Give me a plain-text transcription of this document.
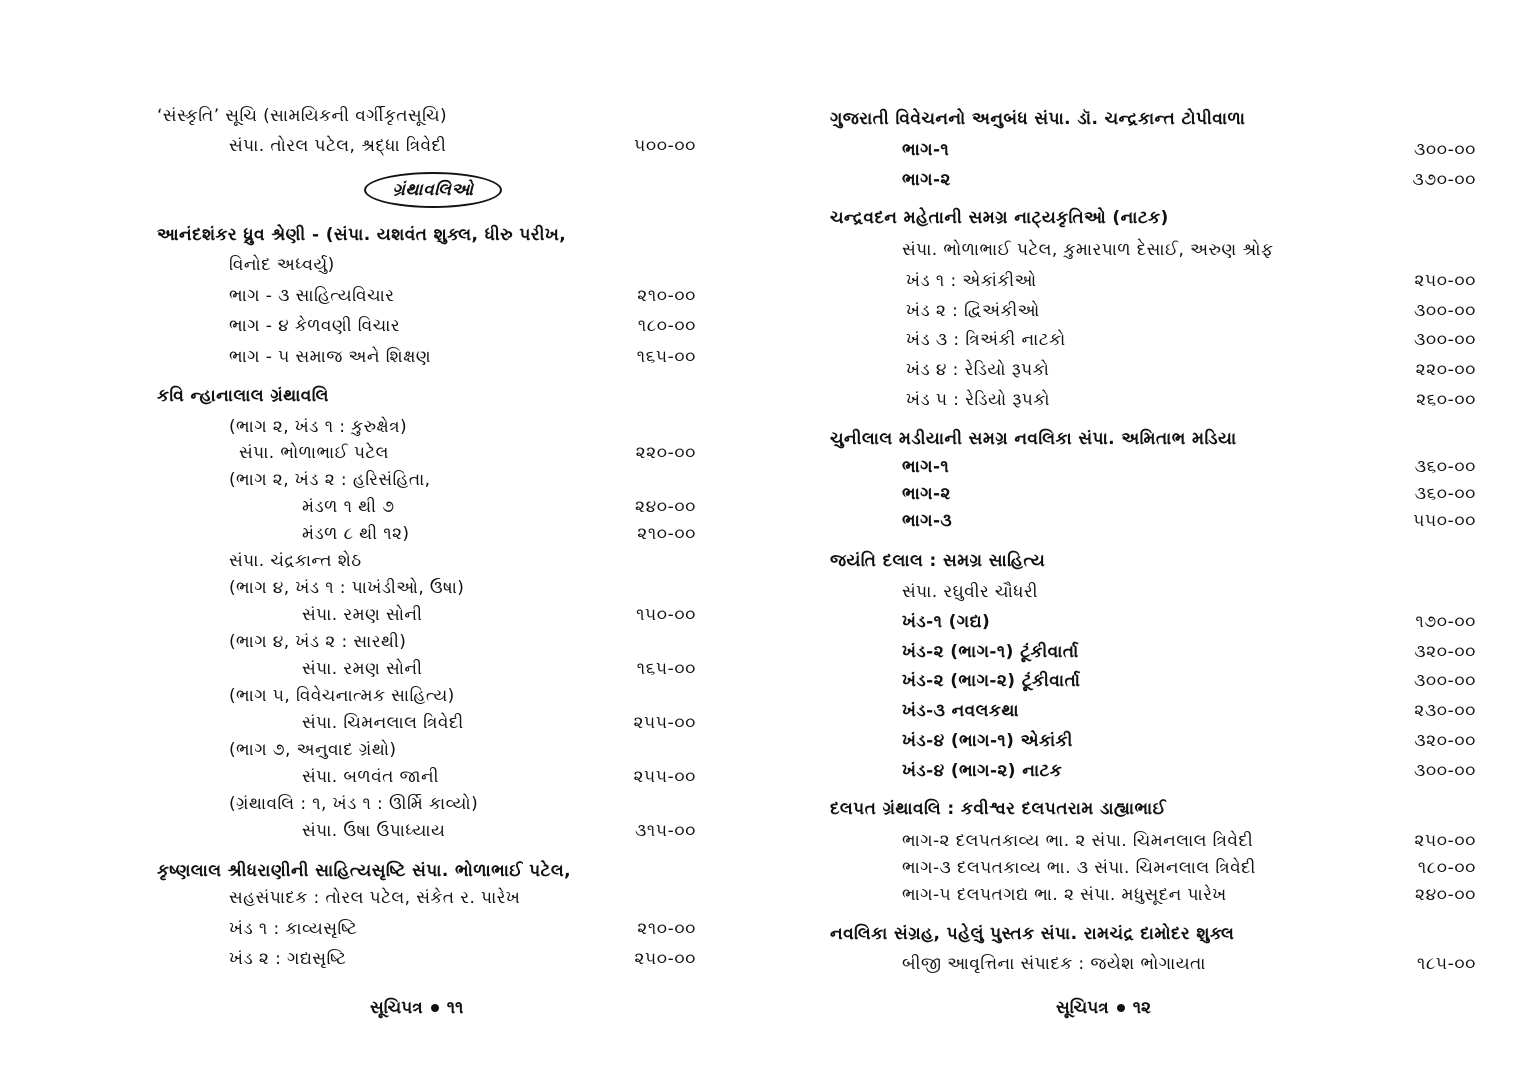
ગ્રંથાવલિઓ
સૂચિપત્ર ૧૧
‘સંસ્કૃતિ’ સૂચિ (સામયિકની વર્ગીકૃતસૂચિ)
સંપા. તોરલ પટેલ, શ્રદ્ધા ત્રિવેદી	૫૦૦-૦૦
આનંદશંકર ધ્રુવ શ્રેણી - (સંપા. યશવંત શુક્લ, ધીરુ પરીખ,
વિનોદ અધ્વર્યુ)
ભાગ - ૩ સાહિત્યવિચાર	૨૧૦-૦૦
ભાગ - ૪ કેળવણી વિચાર	૧૮૦-૦૦
ભાગ - ૫ સમાજ અને શિક્ષણ	૧૬૫-૦૦
કવિ ન્હાનાલાલ ગ્રંથાવલિ
(ભાગ ૨, ખંડ ૧ : કુરુક્ષેત્ર)
સંપા. ભોળાભાઈ પટેલ	૨૨૦-૦૦
(ભાગ ૨, ખંડ ૨ : હરિસંહિતા,
મંડળ ૧ થી ૭	૨૪૦-૦૦
મંડળ ૮ થી ૧૨)	૨૧૦-૦૦
સંપા. ચંદ્રકાન્ત શેઠ
(ભાગ ૪, ખંડ ૧ : પાખંડીઓ, ઉષા)
સંપા. રમણ સોની	૧૫૦-૦૦
(ભાગ ૪, ખંડ ૨ : સારથી)
સંપા. રમણ સોની	૧૬૫-૦૦
(ભાગ ૫, વિવેચનાત્મક સાહિત્ય)
સંપા. ચિમનલાલ ત્રિવેદી	૨૫૫-૦૦
(ભાગ ૭, અનુવાદ ગ્રંથો)
સંપા. બળવંત જાની	૨૫૫-૦૦
(ગ્રંથાવલિ : ૧, ખંડ ૧ : ઊર્મિ કાવ્યો)
સંપા. ઉષા ઉપાધ્યાય	૩૧૫-૦૦
કૃષ્ણલાલ શ્રીધરાણીની સાહિત્યસૃષ્ટિ સંપા. ભોળાભાઈ પટેલ,
સહસંપાદક : તોરલ પટેલ, સંકેત ર. પારેખ
ખંડ ૧ : કાવ્યસૃષ્ટિ	૨૧૦-૦૦
ખંડ ૨ : ગદ્યસૃષ્ટિ	૨૫૦-૦૦
સૂચિપત્ર ૧૨
ગુજરાતી વિવેચનનો અનુબંધ સંપા. ડૉ. ચન્દ્રકાન્ત ટોપીવાળા
ભાગ-૧	૩૦૦-૦૦
ભાગ-૨	૩૭૦-૦૦
ચન્દ્રવદન મહેતાની સમગ્ર નાટ્યકૃતિઓ (નાટક)
સંપા. ભોળાભાઈ પટેલ, કુમારપાળ દેસાઈ, અરુણ શ્રોફ
ખંડ ૧ : એકાંકીઓ	૨૫૦-૦૦
ખંડ ૨ : દ્વિઅંકીઓ	૩૦૦-૦૦
ખંડ ૩ : ત્રિઅંકી નાટકો	૩૦૦-૦૦
ખંડ ૪ : રેડિયો રૂપકો	૨૨૦-૦૦
ખંડ ૫ : રેડિયો રૂપકો	૨૬૦-૦૦
ચુનીલાલ મડીયાની સમગ્ર નવલિકા સંપા. અમિતાભ મડિયા
ભાગ-૧	૩૬૦-૦૦
ભાગ-૨	૩૬૦-૦૦
ભાગ-૩	૫૫૦-૦૦
જયંતિ દલાલ : સમગ્ર સાહિત્ય
સંપા. રઘુવીર ચૌધરી
ખંડ-૧ (ગદ્ય)	૧૭૦-૦૦
ખંડ-૨ (ભાગ-૧) ટૂંકીવાર્તા	૩૨૦-૦૦
ખંડ-૨ (ભાગ-૨) ટૂંકીવાર્તા	૩૦૦-૦૦
ખંડ-૩ નવલકથા	૨૩૦-૦૦
ખંડ-૪ (ભાગ-૧) એકાંકી	૩૨૦-૦૦
ખંડ-૪ (ભાગ-૨) નાટક	૩૦૦-૦૦
દલપત ગ્રંથાવલિ : કવીશ્વર દલપતરામ ડાહ્યાભાઈ
ભાગ-૨ દલપતકાવ્ય ભા. ૨ સંપા. ચિમનલાલ ત્રિવેદી	૨૫૦-૦૦
ભાગ-૩ દલપતકાવ્ય ભા. ૩ સંપા. ચિમનલાલ ત્રિવેદી	૧૮૦-૦૦
ભાગ-૫ દલપતગદ્ય ભા. ૨ સંપા. મધુસૂદન પારેખ	૨૪૦-૦૦
નવલિકા સંગ્રહ, પહેલું પુસ્તક સંપા. રામચંદ્ર દામોદર શુક્લ
બીજી આવૃત્તિના સંપાદક : જયેશ ભોગાયતા	૧૮૫-૦૦
